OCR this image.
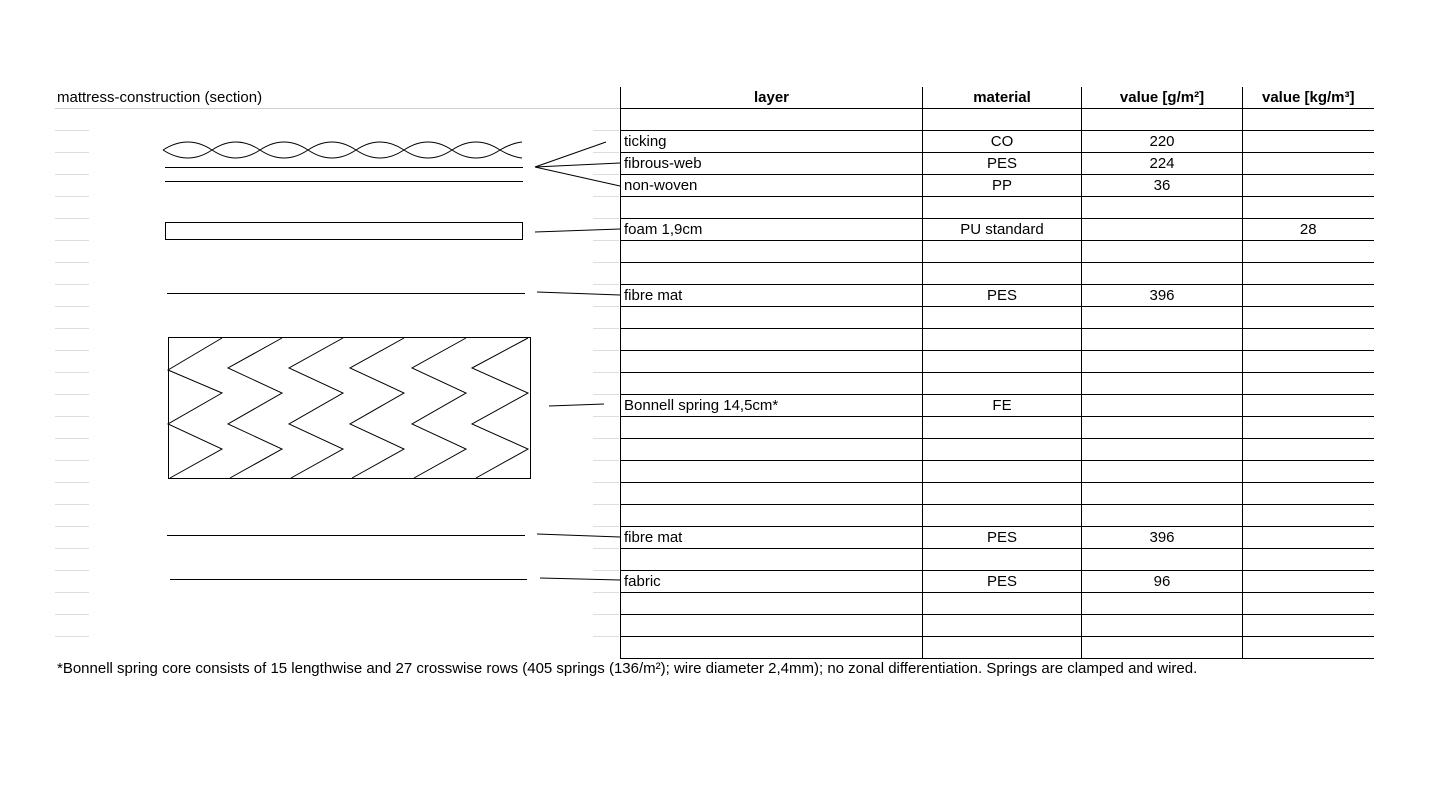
mattress-construction (section)	layer	material	value [g/m²]	value [kg/m³]

ticking	CO	220	
fibrous-web	PES	224	
non-woven	PP	36	

foam 1,9cm	PU standard		28

fibre mat	PES	396	

Bonnell spring 14,5cm*	FE		

fibre mat	PES	396	

fabric	PES	96	

*Bonnell spring core consists of 15 lengthwise and 27 crosswise rows (405 springs (136/m²); wire diameter 2,4mm); no zonal differentiation. Springs are clamped and wired.
